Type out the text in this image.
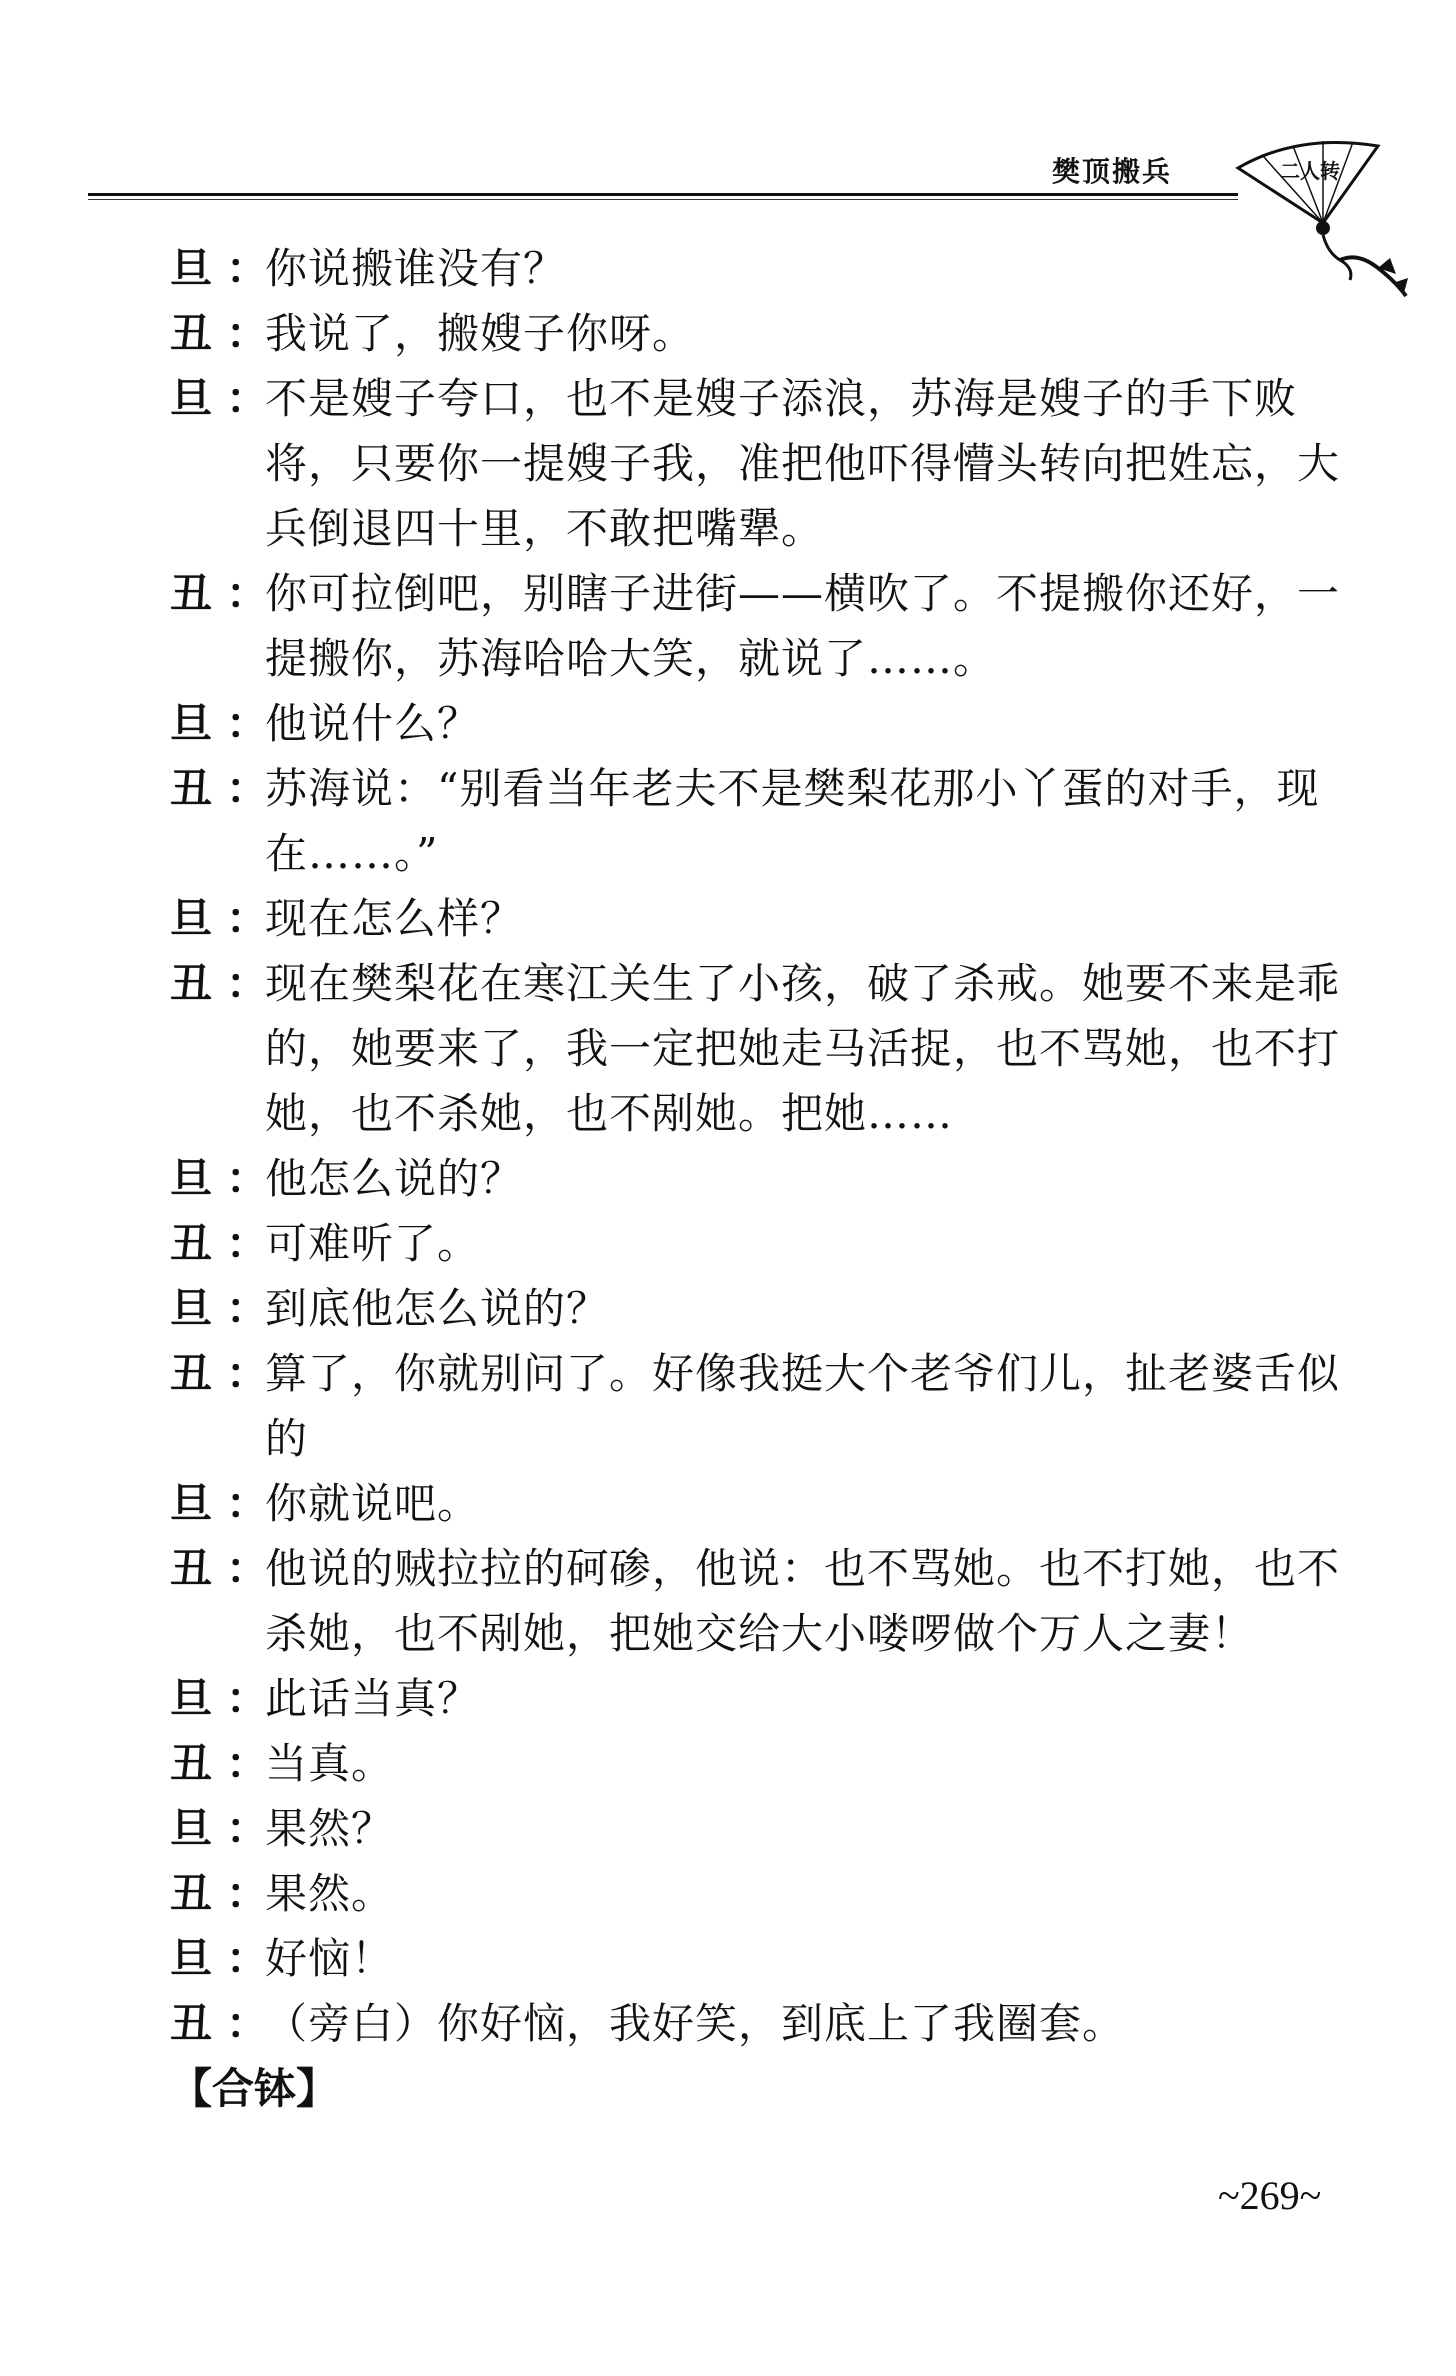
樊顶搬兵	二人转
旦 ：你说搬谁没有？
丑 ：我说了，搬嫂子你呀。
旦 ：不是嫂子夸口，也不是嫂子添浪，苏海是嫂子的手下败将，只要你一提嫂子我，准把他吓得懵头转向把姓忘，大兵倒退四十里，不敢把嘴犟。
丑 ：你可拉倒吧，别瞎子进街——横吹了。不提搬你还好，一提搬你，苏海哈哈大笑，就说了……。
旦 ：他说什么？
丑 ：苏海说：“别看当年老夫不是樊梨花那小丫蛋的对手，现在……。”
旦 ：现在怎么样？
丑 ：现在樊梨花在寒江关生了小孩，破了杀戒。她要不来是乖的，她要来了，我一定把她走马活捉，也不骂她，也不打她，也不杀她，也不剐她。把她……
旦 ：他怎么说的？
丑 ：可难听了。
旦 ：到底他怎么说的？
丑 ：算了，你就别问了。好像我挺大个老爷们儿，扯老婆舌似的
旦 ：你就说吧。
丑 ：他说的贼拉拉的砢碜，他说：也不骂她。也不打她，也不杀她，也不剐她，把她交给大小喽啰做个万人之妻！
旦 ：此话当真？
丑 ：当真。
旦 ：果然？
丑 ：果然。
旦 ：好恼！
丑 ：（旁白）你好恼，我好笑，到底上了我圈套。
【合钵】
~269~
